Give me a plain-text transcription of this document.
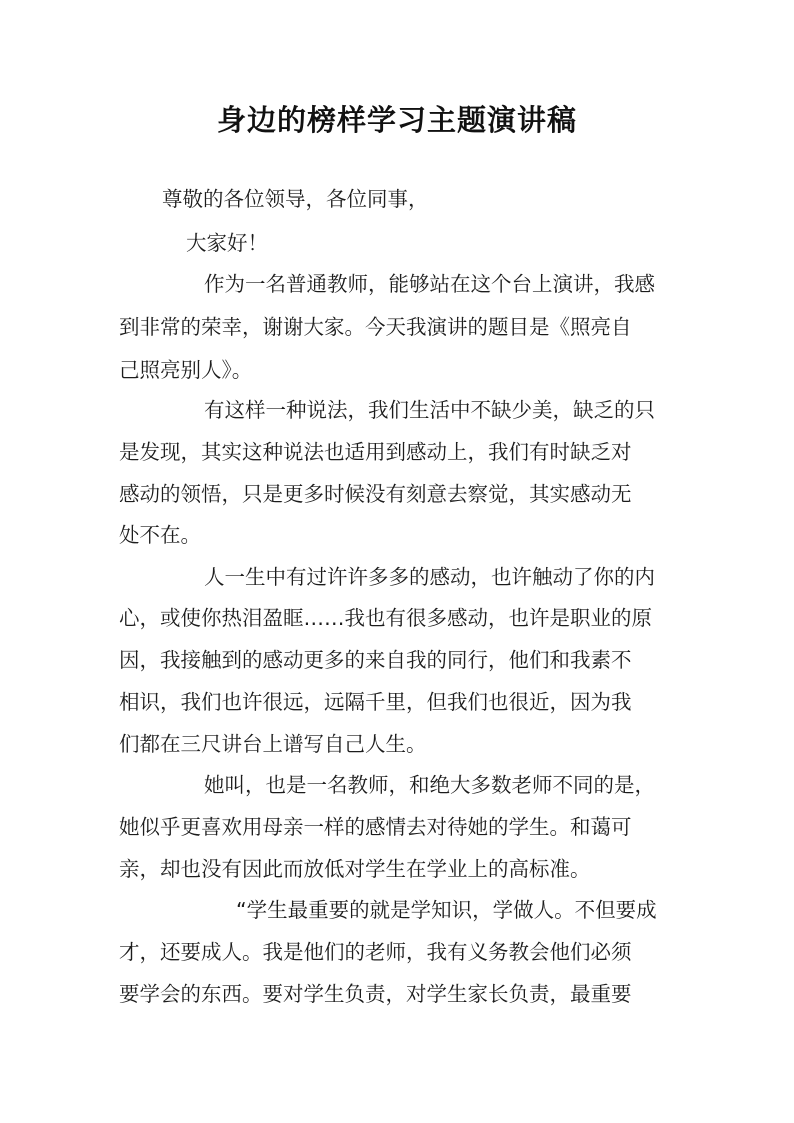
身边的榜样学习主题演讲稿
尊敬的各位领导，各位同事，
大家好！
作为一名普通教师，能够站在这个台上演讲，我感
到非常的荣幸，谢谢大家。今天我演讲的题目是《照亮自
己照亮别人》。
有这样一种说法，我们生活中不缺少美，缺乏的只
是发现，其实这种说法也适用到感动上，我们有时缺乏对
感动的领悟，只是更多时候没有刻意去察觉，其实感动无
处不在。
人一生中有过许许多多的感动，也许触动了你的内
心，或使你热泪盈眶……我也有很多感动，也许是职业的原
因，我接触到的感动更多的来自我的同行，他们和我素不
相识，我们也许很远，远隔千里，但我们也很近，因为我
们都在三尺讲台上谱写自己人生。
她叫，也是一名教师，和绝大多数老师不同的是，
她似乎更喜欢用母亲一样的感情去对待她的学生。和蔼可
亲，却也没有因此而放低对学生在学业上的高标准。
“学生最重要的就是学知识，学做人。不但要成
才，还要成人。我是他们的老师，我有义务教会他们必须
要学会的东西。要对学生负责，对学生家长负责，最重要
